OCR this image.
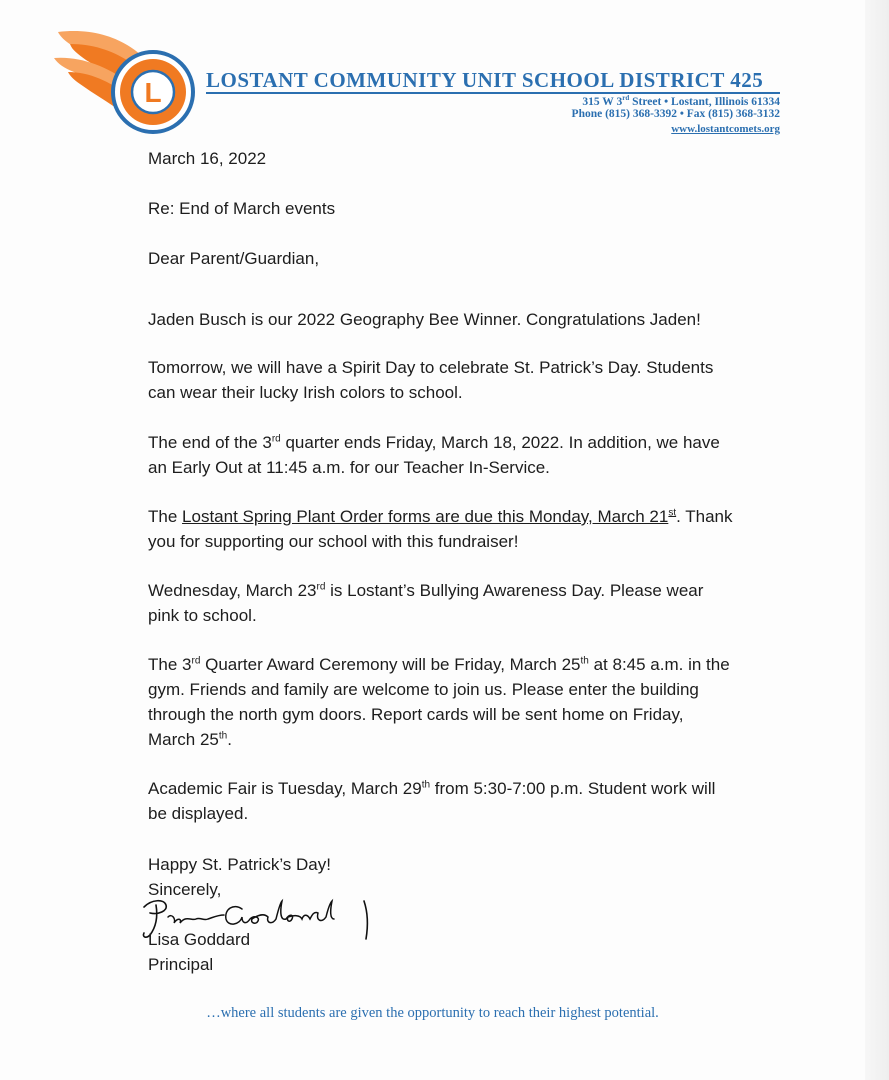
L LOSTANT COMMUNITY UNIT SCHOOL DISTRICT 425
315 W 3rd Street • Lostant, Illinois 61334
Phone (815) 368-3392 • Fax (815) 368-3132
www.lostantcomets.org
March 16, 2022
Re: End of March events
Dear Parent/Guardian,
Jaden Busch is our 2022 Geography Bee Winner. Congratulations Jaden!
Tomorrow, we will have a Spirit Day to celebrate St. Patrick’s Day. Students
can wear their lucky Irish colors to school.
The end of the 3rd quarter ends Friday, March 18, 2022. In addition, we have
an Early Out at 11:45 a.m. for our Teacher In-Service.
The Lostant Spring Plant Order forms are due this Monday, March 21st. Thank
you for supporting our school with this fundraiser!
Wednesday, March 23rd is Lostant’s Bullying Awareness Day. Please wear
pink to school.
The 3rd Quarter Award Ceremony will be Friday, March 25th at 8:45 a.m. in the
gym. Friends and family are welcome to join us. Please enter the building
through the north gym doors. Report cards will be sent home on Friday,
March 25th.
Academic Fair is Tuesday, March 29th from 5:30-7:00 p.m. Student work will
be displayed.
Happy St. Patrick’s Day!
Sincerely,
Lisa Goddard
Principal
…where all students are given the opportunity to reach their highest potential.
